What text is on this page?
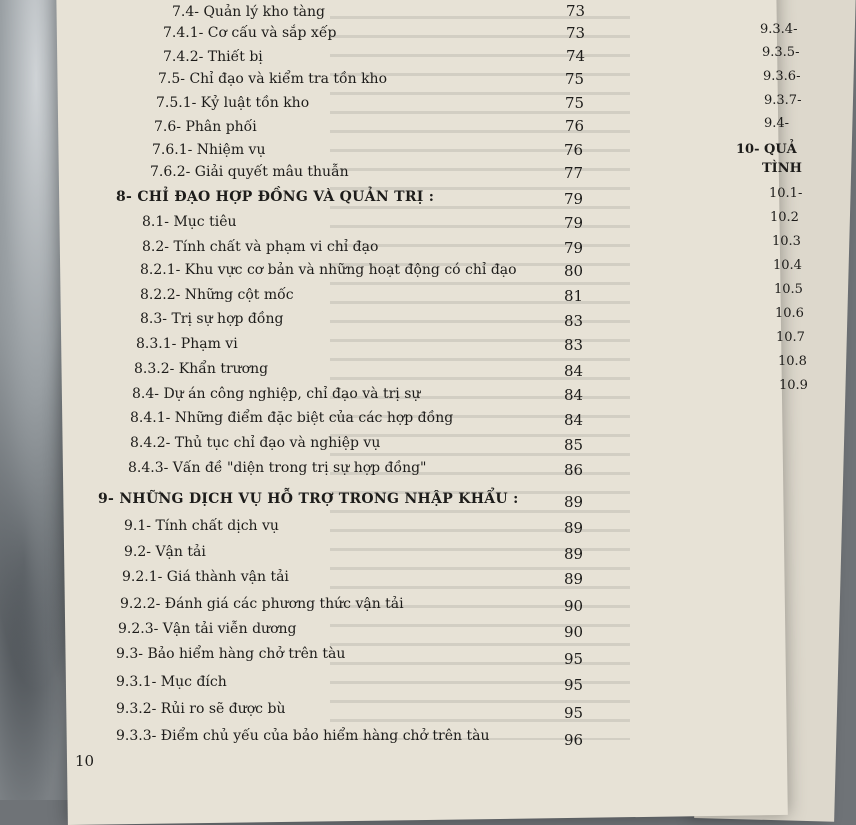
7.4- Quản lý kho tàng	73
7.4.1- Cơ cấu và sắp xếp	73
7.4.2- Thiết bị	74
7.5- Chỉ đạo và kiểm tra tồn kho	75
7.5.1- Kỷ luật tồn kho	75
7.6- Phân phối	76
7.6.1- Nhiệm vụ	76
7.6.2- Giải quyết mâu thuẫn	77
8- CHỈ ĐẠO HỢP ĐỒNG VÀ QUẢN TRỊ :	79
8.1- Mục tiêu	79
8.2- Tính chất và phạm vi chỉ đạo	79
8.2.1- Khu vực cơ bản và những hoạt động có chỉ đạo	80
8.2.2- Những cột mốc	81
8.3- Trị sự hợp đồng	83
8.3.1- Phạm vi	83
8.3.2- Khẩn trương	84
8.4- Dự án công nghiệp, chỉ đạo và trị sự	84
8.4.1- Những điểm đặc biệt của các hợp đồng	84
8.4.2- Thủ tục chỉ đạo và nghiệp vụ	85
8.4.3- Vấn đề "diện trong trị sự hợp đồng"	86
9- NHỮNG DỊCH VỤ HỖ TRỢ TRONG NHẬP KHẨU :	89
9.1- Tính chất dịch vụ	89
9.2- Vận tải	89
9.2.1- Giá thành vận tải	89
9.2.2- Đánh giá các phương thức vận tải	90
9.2.3- Vận tải viễn dương	90
9.3- Bảo hiểm hàng chở trên tàu	95
9.3.1- Mục đích	95
9.3.2- Rủi ro sẽ được bù	95
9.3.3- Điểm chủ yếu của bảo hiểm hàng chở trên tàu	96
10
9.3.4-
9.3.5-
9.3.6-
9.3.7-
9.4-
10- QUẢ
TÌNH
10.1-
10.2
10.3
10.4
10.5
10.6
10.7
10.8
10.9
